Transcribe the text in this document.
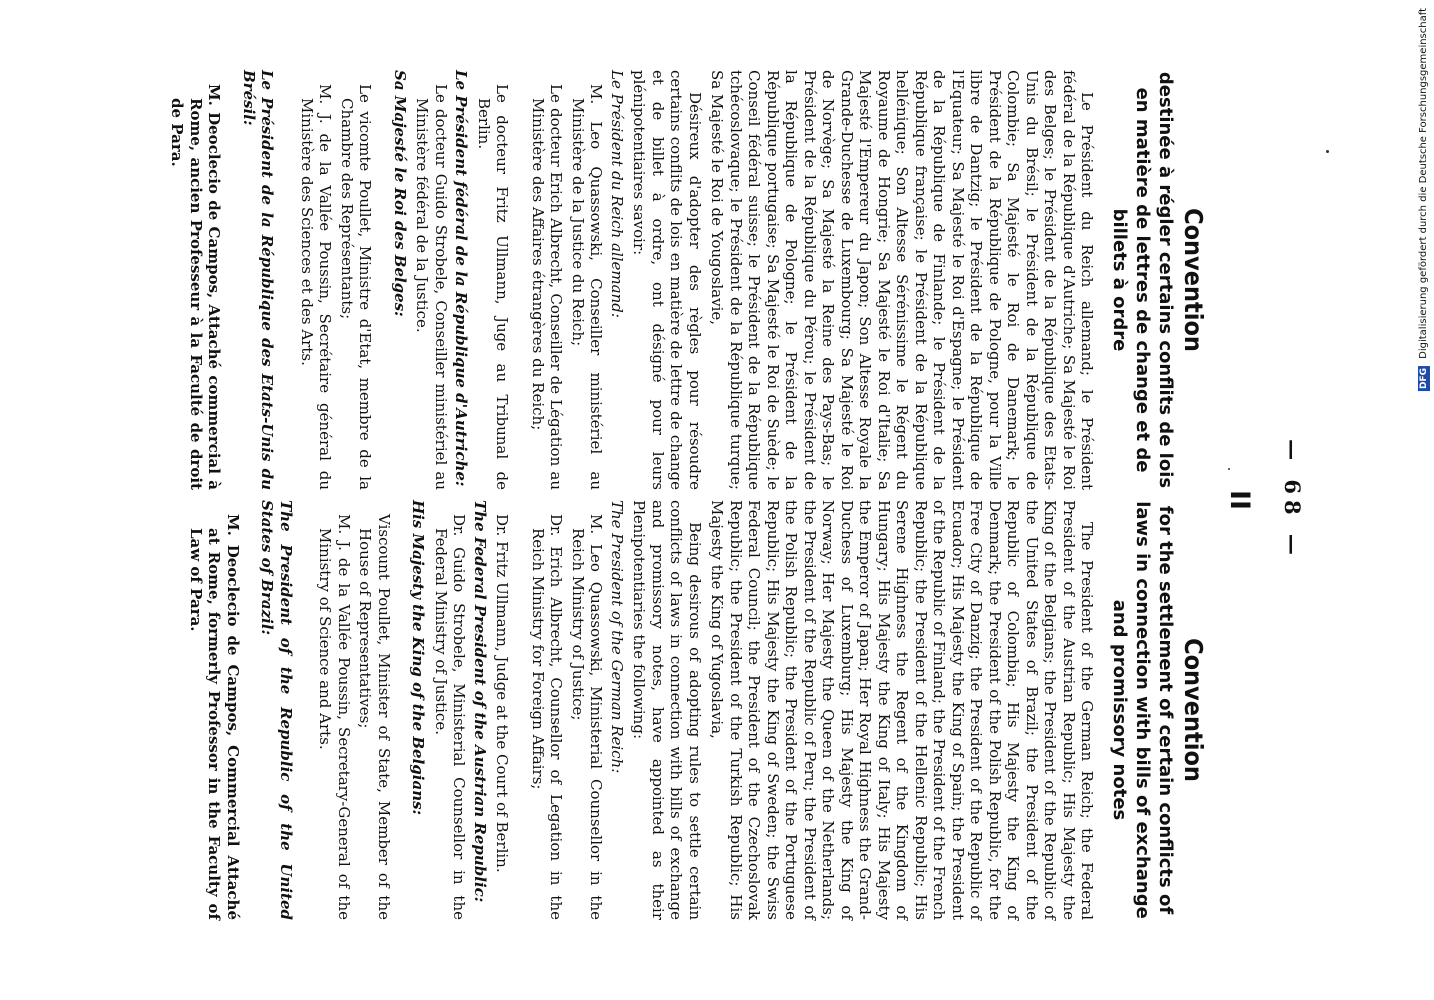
— 68 —
II
Convention
destinée à régler certains conflits de lois en matière de lettres de change et de billets à ordre

Le Président du Reich allemand; le Président fédéral de la République d'Autriche; Sa Majesté le Roi des Belges; le Président de la République des Etats-Unis du Brésil; le Président de la République de Colombie; Sa Majesté le Roi de Danemark; le Président de la République de Pologne, pour la Ville libre de Dantzig; le Président de la République de l'Equateur; Sa Majesté le Roi d'Espagne; le Président de la République de Finlande; le Président de la République française; le Président de la République hellénique; Son Altesse Sérénissime le Régent du Royaume de Hongrie; Sa Majesté le Roi d'Italie; Sa Majesté l'Empereur du Japon; Son Altesse Royale la Grande-Duchesse de Luxembourg; Sa Majesté le Roi de Norvège; Sa Majesté la Reine des Pays-Bas; le Président de la République du Pérou; le Président de la République de Pologne; le Président de la République portugaise; Sa Majesté le Roi de Suède; le Conseil fédéral suisse; le Président de la République tchécoslovaque; le Président de la République turque; Sa Majesté le Roi de Yougoslavie,

Désireux d'adopter des règles pour résoudre certains conflits de lois en matière de lettre de change et de billet à ordre, ont désigné pour leurs plénipotentiaires savoir:

Le Président du Reich allemand:
M. Leo Quassowski, Conseiller ministériel au Ministère de la Justice du Reich;
Le docteur Erich Albrecht, Conseiller de Légation au Ministère des Affaires étrangères du Reich;
Le docteur Fritz Ullmann, Juge au Tribunal de Berlin.
Le Président fédéral de la République d'Autriche:
Le docteur Guido Strobele, Conseiller ministériel au Ministère fédéral de la Justice.
Sa Majesté le Roi des Belges:
Le vicomte Poullet, Ministre d'Etat, membre de la Chambre des Représentants;
M. J. de la Vallée Poussin, Secrétaire général du Ministère des Sciences et des Arts.
Le Président de la République des Etats-Unis du Brésil:
M. Deoclecio de Campos, Attaché commercial à Rome, ancien Professeur à la Faculté de droit de Para.
Convention
for the settlement of certain conflicts of laws in connection with bills of exchange and promissory notes

The President of the German Reich; the Federal President of the Austrian Republic; His Majesty the King of the Belgians; the President of the Republic of the United States of Brazil; the President of the Republic of Colombia; His Majesty the King of Denmark; the President of the Polish Republic, for the Free City of Danzig; the President of the Republic of Ecuador; His Majesty the King of Spain; the President of the Republic of Finland; the President of the French Republic; the President of the Hellenic Republic; His Serene Highness the Regent of the Kingdom of Hungary; His Majesty the King of Italy; His Majesty the Emperor of Japan; Her Royal Highness the Grand-Duchess of Luxemburg; His Majesty the King of Norway; Her Majesty the Queen of the Netherlands; the President of the Republic of Peru; the President of the Polish Republic; the President of the Portuguese Republic; His Majesty the King of Sweden; the Swiss Federal Council; the President of the Czechoslovak Republic; the President of the Turkish Republic; His Majesty the King of Yugoslavia,

Being desirous of adopting rules to settle certain conflicts of laws in connection with bills of exchange and promissory notes, have appointed as their Plenipotentiaries the following:

The President of the German Reich:
M. Leo Quassowski, Ministerial Counsellor in the Reich Ministry of Justice;
Dr. Erich Albrecht, Counsellor of Legation in the Reich Ministry for Foreign Affairs;
Dr. Fritz Ullmann, Judge at the Court of Berlin.
The Federal President of the Austrian Republic:
Dr. Guido Strobele, Ministerial Counsellor in the Federal Ministry of Justice.
His Majesty the King of the Belgians:
Viscount Poullet, Minister of State, Member of the House of Representatives;
M. J. de la Vallée Poussin, Secretary-General of the Ministry of Science and Arts.
The President of the Republic of the United States of Brazil:
M. Deoclecio de Campos, Commercial Attaché at Rome, formerly Professor in the Faculty of Law of Para.
DFG Digitalisierung gefördert durch die Deutsche Forschungsgemeinschaft
